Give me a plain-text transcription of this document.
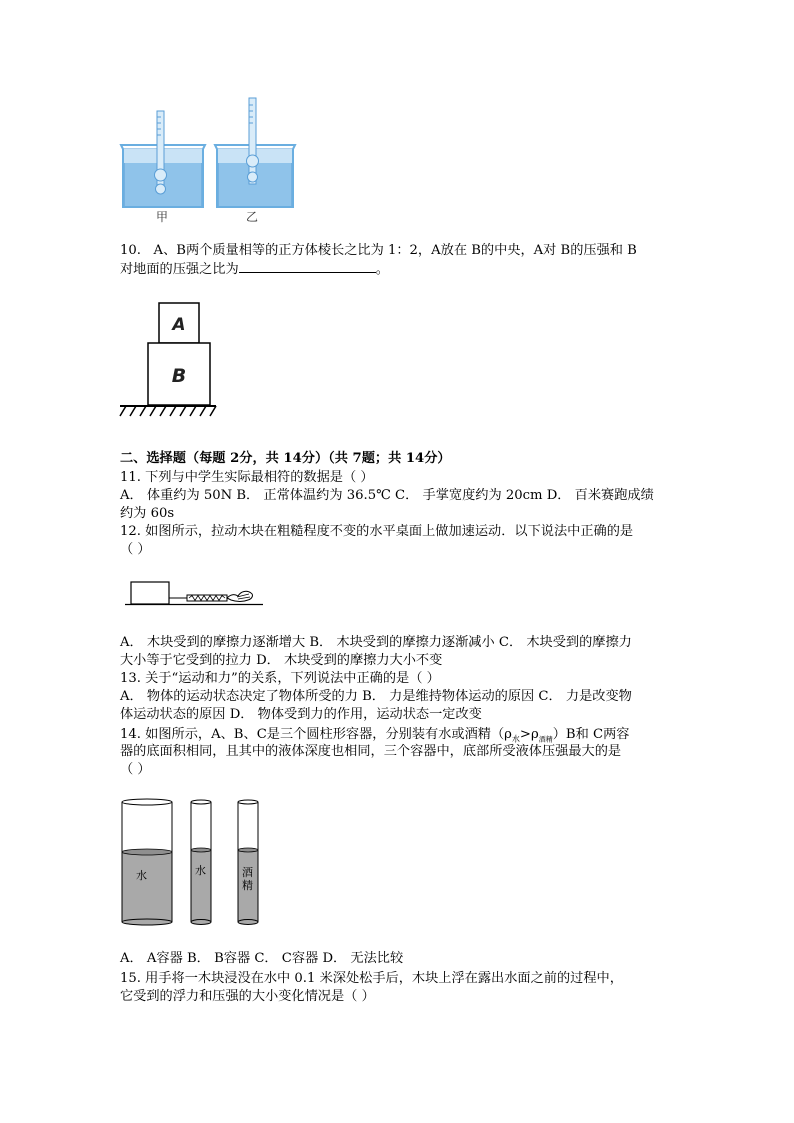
甲	乙
10.   A、B两个质量相等的正方体棱长之比为 1：2，A放在 B的中央，A对 B的压强和 B
对地面的压强之比为	。
A
B
二、选择题（每题 2分，共 14分）（共 7题；共 14分）
11. 下列与中学生实际最相符的数据是（ ）
A． 体重约为 50N B． 正常体温约为 36.5℃ C． 手掌宽度约为 20cm D． 百米赛跑成绩
约为 60s
12. 如图所示，拉动木块在粗糙程度不变的水平桌面上做加速运动．以下说法中正确的是
（ ）
A． 木块受到的摩擦力逐渐增大 B． 木块受到的摩擦力逐渐减小 C． 木块受到的摩擦力
大小等于它受到的拉力 D． 木块受到的摩擦力大小不变
13. 关于“运动和力”的关系，下列说法中正确的是（ ）
A． 物体的运动状态决定了物体所受的力 B． 力是维持物体运动的原因 C． 力是改变物
体运动状态的原因 D． 物体受到力的作用，运动状态一定改变
14. 如图所示，A、B、C是三个圆柱形容器，分别装有水或酒精$(\rho_水>\rho_{酒精})B$和 C两容
器的底面积相同，且其中的液体深度也相同，三个容器中，底部所受液体压强最大的是
（ ）
水	水	酒
精
A． A容器 B． B容器 C． C容器 D． 无法比较
15. 用手将一木块浸没在水中 0.1 米深处松手后，木块上浮在露出水面之前的过程中，
它受到的浮力和压强的大小变化情况是（ ）
